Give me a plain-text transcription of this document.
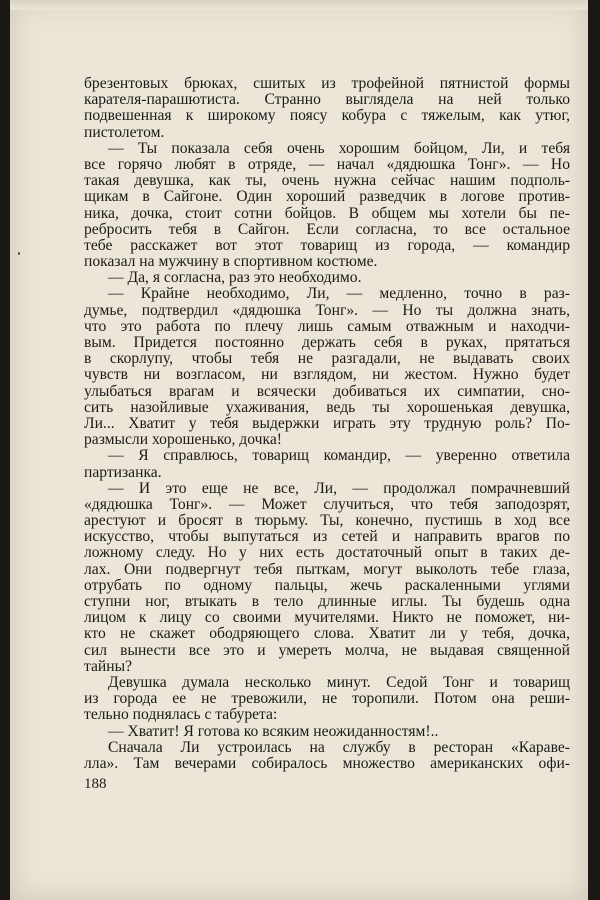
брезентовых брюках, сшитых из трофейной пятнистой формы
карателя-парашютиста. Странно выглядела на ней только
подвешенная к широкому поясу кобура с тяжелым, как утюг,
пистолетом.
— Ты показала себя очень хорошим бойцом, Ли, и тебя
все горячо любят в отряде, — начал «дядюшка Тонг». — Но
такая девушка, как ты, очень нужна сейчас нашим подполь-
щикам в Сайгоне. Один хороший разведчик в логове против-
ника, дочка, стоит сотни бойцов. В общем мы хотели бы пе-
ребросить тебя в Сайгон. Если согласна, то все остальное
тебе расскажет вот этот товарищ из города, — командир
показал на мужчину в спортивном костюме.
— Да, я согласна, раз это необходимо.
— Крайне необходимо, Ли, — медленно, точно в раз-
думье, подтвердил «дядюшка Тонг». — Но ты должна знать,
что это работа по плечу лишь самым отважным и находчи-
вым. Придется постоянно держать себя в руках, прятаться
в скорлупу, чтобы тебя не разгадали, не выдавать своих
чувств ни возгласом, ни взглядом, ни жестом. Нужно будет
улыбаться врагам и всячески добиваться их симпатии, сно-
сить назойливые ухаживания, ведь ты хорошенькая девушка,
Ли... Хватит у тебя выдержки играть эту трудную роль? По-
размысли хорошенько, дочка!
— Я справлюсь, товарищ командир, — уверенно ответила
партизанка.
— И это еще не все, Ли, — продолжал помрачневший
«дядюшка Тонг». — Может случиться, что тебя заподозрят,
арестуют и бросят в тюрьму. Ты, конечно, пустишь в ход все
искусство, чтобы выпутаться из сетей и направить врагов по
ложному следу. Но у них есть достаточный опыт в таких де-
лах. Они подвергнут тебя пыткам, могут выколоть тебе глаза,
отрубать по одному пальцы, жечь раскаленными углями
ступни ног, втыкать в тело длинные иглы. Ты будешь одна
лицом к лицу со своими мучителями. Никто не поможет, ни-
кто не скажет ободряющего слова. Хватит ли у тебя, дочка,
сил вынести все это и умереть молча, не выдавая священной
тайны?
Девушка думала несколько минут. Седой Тонг и товарищ
из города ее не тревожили, не торопили. Потом она реши-
тельно поднялась с табурета:
— Хватит! Я готова ко всяким неожиданностям!..
Сначала Ли устроилась на службу в ресторан «Караве-
лла». Там вечерами собиралось множество американских офи-
188
